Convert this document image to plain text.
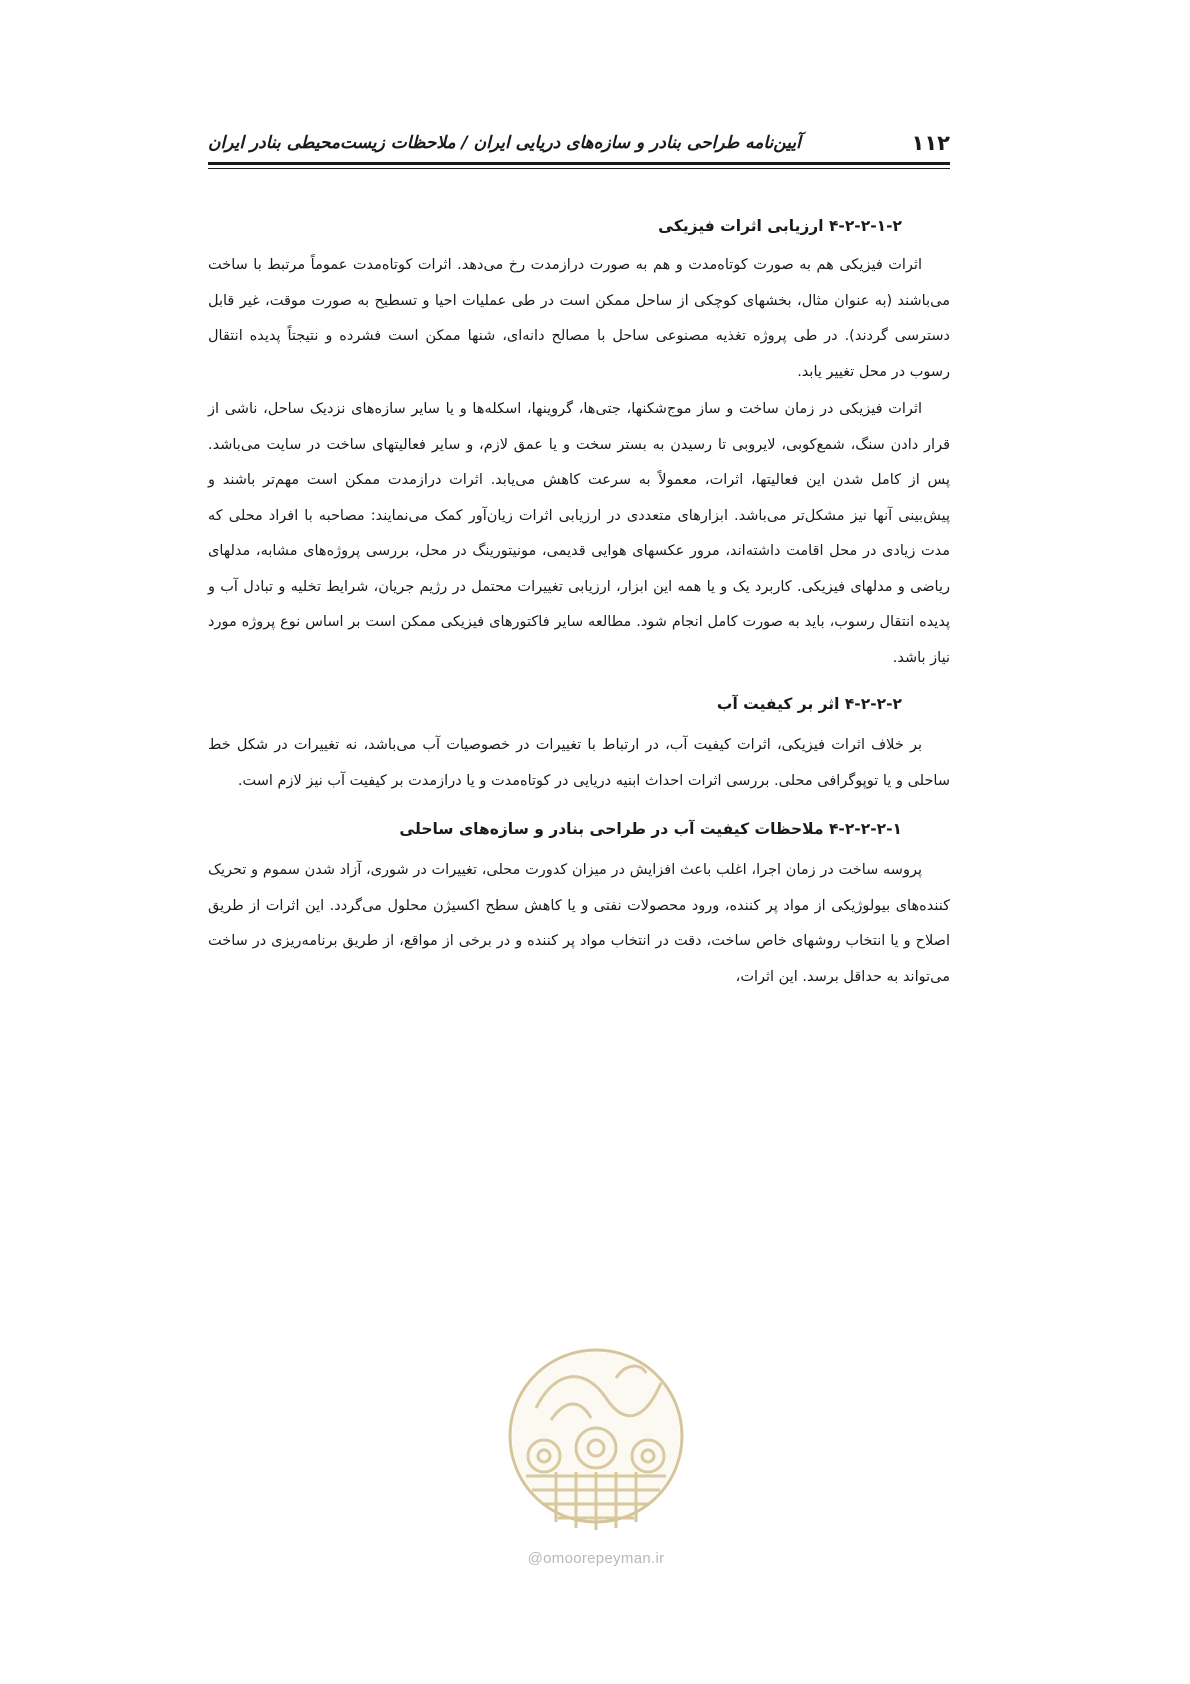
۱۱۲
آیین‌نامه طراحی بنادر و سازه‌های دریایی ایران / ملاحظات زیست‌محیطی بنادر ایران
۴-۲-۲-۱-۲ ارزیابی اثرات فیزیکی

اثرات فیزیکی هم به صورت کوتاه‌مدت و هم به صورت درازمدت رخ می‌دهد. اثرات کوتاه‌مدت عموماً مرتبط با ساخت می‌باشند (به عنوان مثال، بخشهای کوچکی از ساحل ممکن است در طی عملیات احیا و تسطیح به صورت موقت، غیر قابل دسترسی گردند). در طی پروژه تغذیه مصنوعی ساحل با مصالح دانه‌ای، شنها ممکن است فشرده و نتیجتاً پدیده انتقال رسوب در محل تغییر یابد.

اثرات فیزیکی در زمان ساخت و ساز موج‌شکنها، جتی‌ها، گروینها، اسکله‌ها و یا سایر سازه‌های نزدیک ساحل، ناشی از قرار دادن سنگ، شمع‌کوبی، لایروبی تا رسیدن به بستر سخت و یا عمق لازم، و سایر فعالیتهای ساخت در سایت می‌باشد. پس از کامل شدن این فعالیتها، اثرات، معمولاً به سرعت کاهش می‌یابد. اثرات درازمدت ممکن است مهم‌تر باشند و پیش‌بینی آنها نیز مشکل‌تر می‌باشد. ابزارهای متعددی در ارزیابی اثرات زیان‌آور کمک می‌نمایند: مصاحبه با افراد محلی که مدت زیادی در محل اقامت داشته‌اند، مرور عکسهای هوایی قدیمی، مونیتورینگ در محل، بررسی پروژه‌های مشابه، مدلهای ریاضی و مدلهای فیزیکی. کاربرد یک و یا همه این ابزار، ارزیابی تغییرات محتمل در رژیم جریان، شرایط تخلیه و تبادل آب و پدیده انتقال رسوب، باید به صورت کامل انجام شود. مطالعه سایر فاکتورهای فیزیکی ممکن است بر اساس نوع پروژه مورد نیاز باشد.

۴-۲-۲-۲ اثر بر کیفیت آب

بر خلاف اثرات فیزیکی، اثرات کیفیت آب، در ارتباط با تغییرات در خصوصیات آب می‌باشد، نه تغییرات در شکل خط ساحلی و یا توپوگرافی محلی. بررسی اثرات احداث ابنیه دریایی در کوتاه‌مدت و یا درازمدت بر کیفیت آب نیز لازم است.

۴-۲-۲-۲-۱ ملاحظات کیفیت آب در طراحی بنادر و سازه‌های ساحلی

پروسه ساخت در زمان اجرا، اغلب باعث افزایش در میزان کدورت محلی، تغییرات در شوری، آزاد شدن سموم و تحریک کننده‌های بیولوژیکی از مواد پر کننده، ورود محصولات نفتی و یا کاهش سطح اکسیژن محلول می‌گردد. این اثرات از طریق اصلاح و یا انتخاب روشهای خاص ساخت، دقت در انتخاب مواد پر کننده و در برخی از مواقع، از طریق برنامه‌ریزی در ساخت می‌تواند به حداقل برسد. این اثرات،

@omoorepeyman.ir
